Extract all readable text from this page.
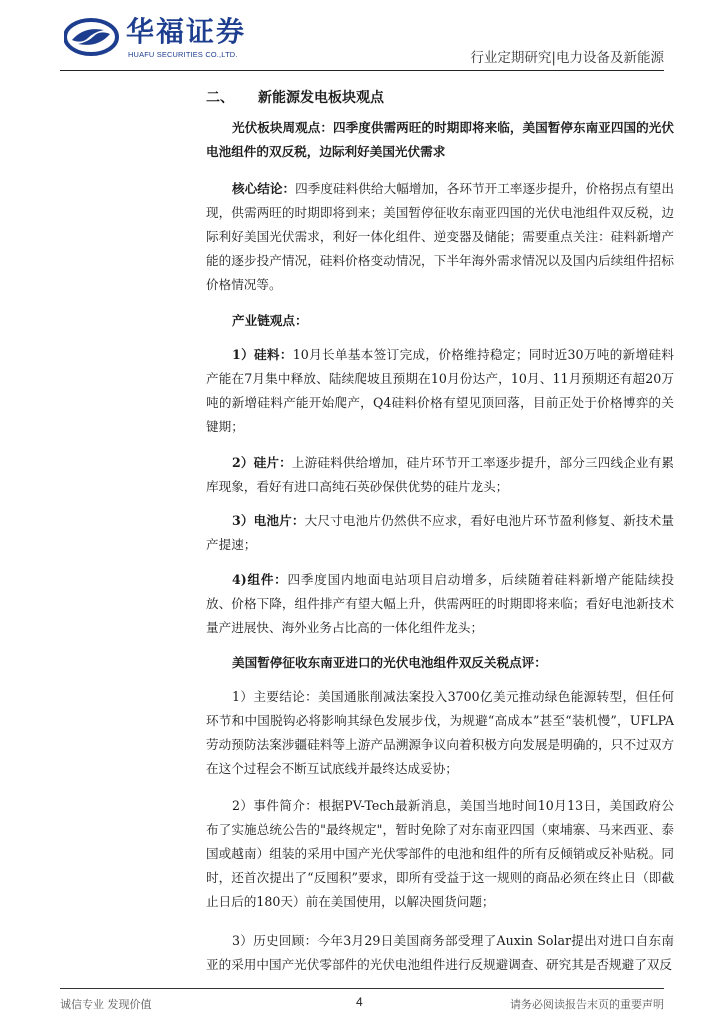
华福证券
HUAFU SECURITIES CO.,LTD.	行业定期研究|电力设备及新能源
二、 新能源发电板块观点

光伏板块周观点：四季度供需两旺的时期即将来临，美国暂停东南亚四国的光伏电池组件的双反税，边际利好美国光伏需求

核心结论：四季度硅料供给大幅增加，各环节开工率逐步提升，价格拐点有望出现，供需两旺的时期即将到来；美国暂停征收东南亚四国的光伏电池组件双反税，边际利好美国光伏需求，利好一体化组件、逆变器及储能；需要重点关注：硅料新增产能的逐步投产情况，硅料价格变动情况，下半年海外需求情况以及国内后续组件招标价格情况等。

产业链观点：

1）硅料：10月长单基本签订完成，价格维持稳定；同时近30万吨的新增硅料产能在7月集中释放、陆续爬坡且预期在10月份达产，10月、11月预期还有超20万吨的新增硅料产能开始爬产，Q4硅料价格有望见顶回落，目前正处于价格博弈的关键期；

2）硅片：上游硅料供给增加，硅片环节开工率逐步提升，部分三四线企业有累库现象，看好有进口高纯石英砂保供优势的硅片龙头；

3）电池片：大尺寸电池片仍然供不应求，看好电池片环节盈利修复、新技术量产提速；

4)组件：四季度国内地面电站项目启动增多，后续随着硅料新增产能陆续投放、价格下降，组件排产有望大幅上升，供需两旺的时期即将来临；看好电池新技术量产进展快、海外业务占比高的一体化组件龙头；

美国暂停征收东南亚进口的光伏电池组件双反关税点评：

1）主要结论：美国通胀削减法案投入3700亿美元推动绿色能源转型，但任何环节和中国脱钩必将影响其绿色发展步伐，为规避“高成本”甚至“装机慢”，UFLPA劳动预防法案涉疆硅料等上游产品溯源争议向着积极方向发展是明确的，只不过双方在这个过程会不断互试底线并最终达成妥协；

2）事件简介：根据PV-Tech最新消息，美国当地时间10月13日，美国政府公布了实施总统公告的"最终规定"，暂时免除了对东南亚四国（柬埔寨、马来西亚、泰国或越南）组装的采用中国产光伏零部件的电池和组件的所有反倾销或反补贴税。同时，还首次提出了“反囤积”要求，即所有受益于这一规则的商品必须在终止日（即截止日后的180天）前在美国使用，以解决囤货问题；

3）历史回顾：今年3月29日美国商务部受理了Auxin Solar提出对进口自东南亚的采用中国产光伏零部件的光伏电池组件进行反规避调查、研究其是否规避了双反

诚信专业 发现价值	4	请务必阅读报告末页的重要声明
